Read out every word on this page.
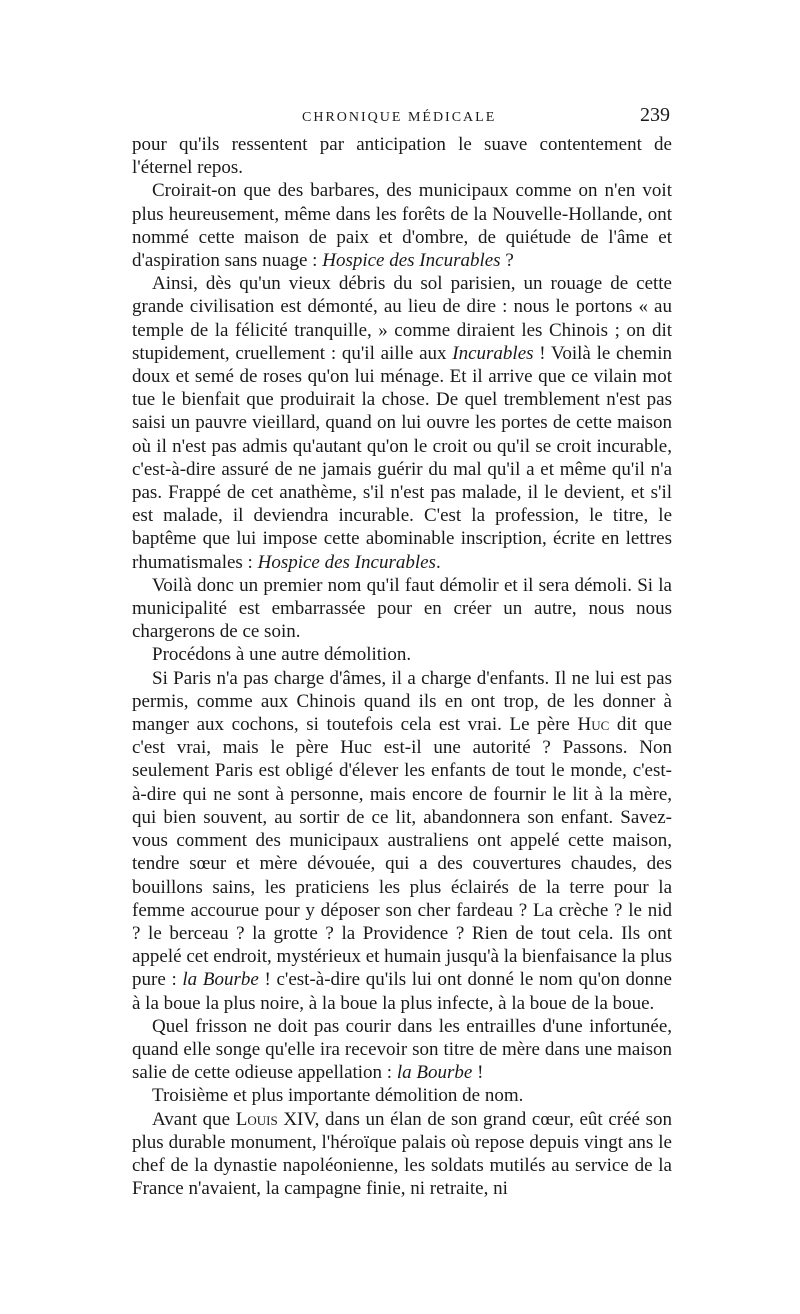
CHRONIQUE MÉDICALE	239

pour qu'ils ressentent par anticipation le suave contentement de l'éternel repos.

Croirait-on que des barbares, des municipaux comme on n'en voit plus heureusement, même dans les forêts de la Nouvelle-Hollande, ont nommé cette maison de paix et d'ombre, de quiétude de l'âme et d'aspiration sans nuage : Hospice des Incurables ?

Ainsi, dès qu'un vieux débris du sol parisien, un rouage de cette grande civilisation est démonté, au lieu de dire : nous le portons « au temple de la félicité tranquille, » comme diraient les Chinois ; on dit stupidement, cruellement : qu'il aille aux Incurables ! Voilà le chemin doux et semé de roses qu'on lui ménage. Et il arrive que ce vilain mot tue le bienfait que produirait la chose. De quel tremblement n'est pas saisi un pauvre vieillard, quand on lui ouvre les portes de cette maison où il n'est pas admis qu'autant qu'on le croit ou qu'il se croit incurable, c'est-à-dire assuré de ne jamais guérir du mal qu'il a et même qu'il n'a pas. Frappé de cet anathème, s'il n'est pas malade, il le devient, et s'il est malade, il deviendra incurable. C'est la profession, le titre, le baptême que lui impose cette abominable inscription, écrite en lettres rhumatismales : Hospice des Incurables.

Voilà donc un premier nom qu'il faut démolir et il sera démoli. Si la municipalité est embarrassée pour en créer un autre, nous nous chargerons de ce soin.

Procédons à une autre démolition.

Si Paris n'a pas charge d'âmes, il a charge d'enfants. Il ne lui est pas permis, comme aux Chinois quand ils en ont trop, de les donner à manger aux cochons, si toutefois cela est vrai. Le père Huc dit que c'est vrai, mais le père Huc est-il une autorité ? Passons. Non seulement Paris est obligé d'élever les enfants de tout le monde, c'est-à-dire qui ne sont à personne, mais encore de fournir le lit à la mère, qui bien souvent, au sortir de ce lit, abandonnera son enfant. Savez-vous comment des municipaux australiens ont appelé cette maison, tendre sœur et mère dévouée, qui a des couvertures chaudes, des bouillons sains, les praticiens les plus éclairés de la terre pour la femme accourue pour y déposer son cher fardeau ? La crèche ? le nid ? le berceau ? la grotte ? la Providence ? Rien de tout cela. Ils ont appelé cet endroit, mystérieux et humain jusqu'à la bienfaisance la plus pure : la Bourbe ! c'est-à-dire qu'ils lui ont donné le nom qu'on donne à la boue la plus noire, à la boue la plus infecte, à la boue de la boue.

Quel frisson ne doit pas courir dans les entrailles d'une infortunée, quand elle songe qu'elle ira recevoir son titre de mère dans une maison salie de cette odieuse appellation : la Bourbe !

Troisième et plus importante démolition de nom.

Avant que Louis XIV, dans un élan de son grand cœur, eût créé son plus durable monument, l'héroïque palais où repose depuis vingt ans le chef de la dynastie napoléonienne, les soldats mutilés au service de la France n'avaient, la campagne finie, ni retraite, ni
